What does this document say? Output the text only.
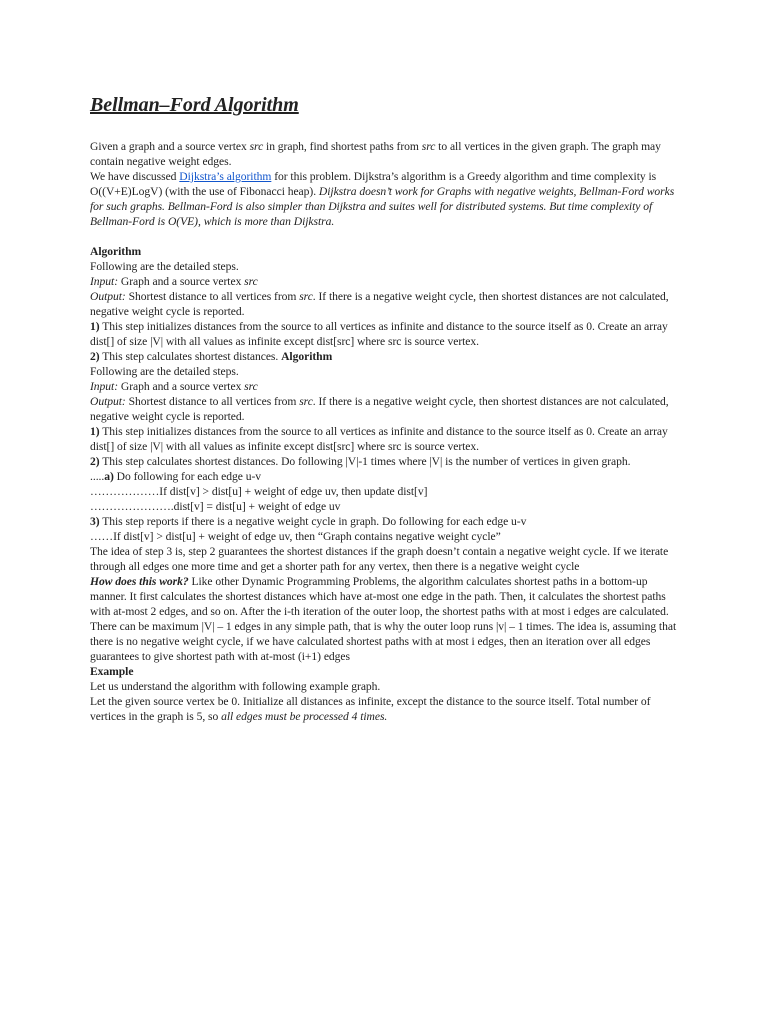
Bellman–Ford Algorithm

Given a graph and a source vertex src in graph, find shortest paths from src to all vertices in the given graph. The graph may contain negative weight edges.

We have discussed Dijkstra’s algorithm for this problem. Dijkstra’s algorithm is a Greedy algorithm and time complexity is O((V+E)LogV) (with the use of Fibonacci heap). Dijkstra doesn’t work for Graphs with negative weights, Bellman-Ford works for such graphs. Bellman-Ford is also simpler than Dijkstra and suites well for distributed systems. But time complexity of Bellman-Ford is O(VE), which is more than Dijkstra.

Algorithm
Following are the detailed steps.
Input: Graph and a source vertex src
Output: Shortest distance to all vertices from src. If there is a negative weight cycle, then shortest distances are not calculated, negative weight cycle is reported.
1) This step initializes distances from the source to all vertices as infinite and distance to the source itself as 0. Create an array dist[] of size |V| with all values as infinite except dist[src] where src is source vertex.
2) This step calculates shortest distances. Algorithm
Following are the detailed steps.
Input: Graph and a source vertex src
Output: Shortest distance to all vertices from src. If there is a negative weight cycle, then shortest distances are not calculated, negative weight cycle is reported.
1) This step initializes distances from the source to all vertices as infinite and distance to the source itself as 0. Create an array dist[] of size |V| with all values as infinite except dist[src] where src is source vertex.
2) This step calculates shortest distances. Do following |V|-1 times where |V| is the number of vertices in given graph.
.....a) Do following for each edge u-v
………………If dist[v] > dist[u] + weight of edge uv, then update dist[v]
………………….dist[v] = dist[u] + weight of edge uv
3) This step reports if there is a negative weight cycle in graph. Do following for each edge u-v
……If dist[v] > dist[u] + weight of edge uv, then “Graph contains negative weight cycle”
The idea of step 3 is, step 2 guarantees the shortest distances if the graph doesn’t contain a negative weight cycle. If we iterate through all edges one more time and get a shorter path for any vertex, then there is a negative weight cycle
How does this work? Like other Dynamic Programming Problems, the algorithm calculates shortest paths in a bottom-up manner. It first calculates the shortest distances which have at-most one edge in the path. Then, it calculates the shortest paths with at-most 2 edges, and so on. After the i-th iteration of the outer loop, the shortest paths with at most i edges are calculated. There can be maximum |V| – 1 edges in any simple path, that is why the outer loop runs |v| – 1 times. The idea is, assuming that there is no negative weight cycle, if we have calculated shortest paths with at most i edges, then an iteration over all edges guarantees to give shortest path with at-most (i+1) edges
Example
Let us understand the algorithm with following example graph.
Let the given source vertex be 0. Initialize all distances as infinite, except the distance to the source itself. Total number of vertices in the graph is 5, so all edges must be processed 4 times.
